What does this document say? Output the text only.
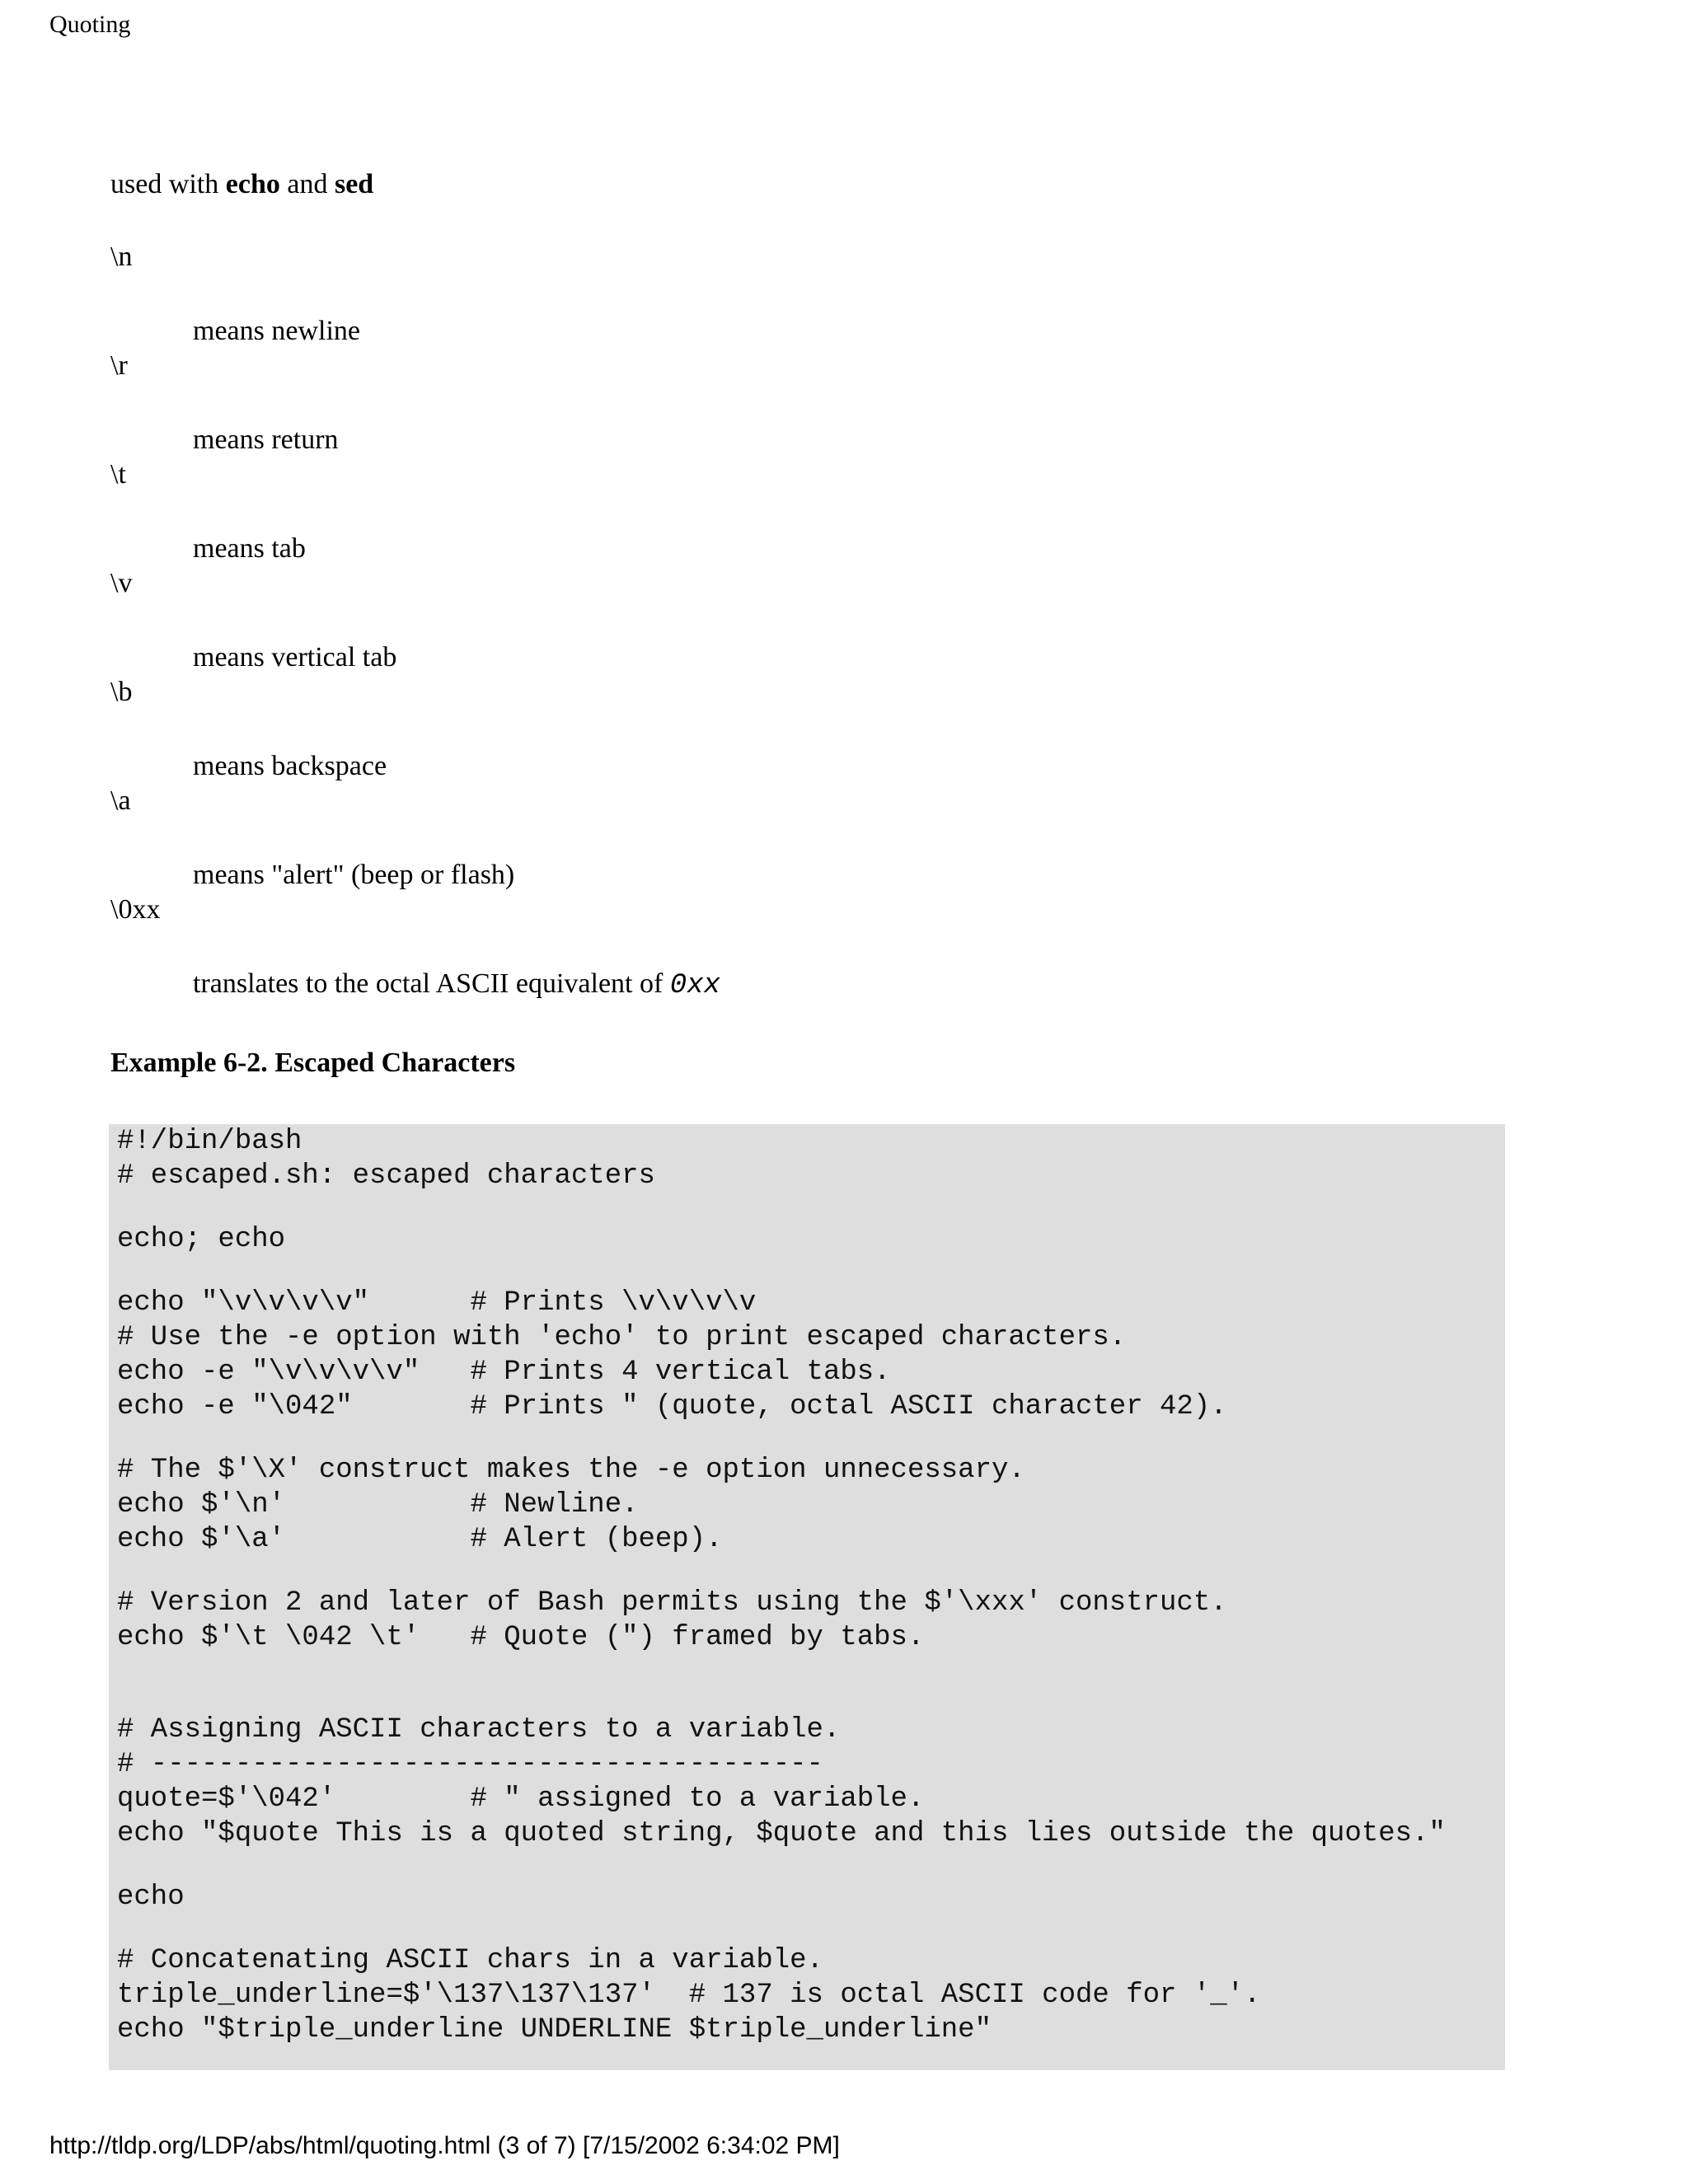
Quoting
used with echo and sed
\n
means newline
\r
means return
\t
means tab
\v
means vertical tab
\b
means backspace
\a
means "alert" (beep or flash)
\0xx
translates to the octal ASCII equivalent of 0xx
Example 6-2. Escaped Characters
#!/bin/bash
# escaped.sh: escaped characters
echo; echo
echo "\v\v\v\v"      # Prints \v\v\v\v
# Use the -e option with 'echo' to print escaped characters.
echo -e "\v\v\v\v"   # Prints 4 vertical tabs.
echo -e "\042"       # Prints " (quote, octal ASCII character 42).
# The $'\X' construct makes the -e option unnecessary.
echo $'\n'           # Newline.
echo $'\a'           # Alert (beep).
# Version 2 and later of Bash permits using the $'\xxx' construct.
echo $'\t \042 \t'   # Quote (") framed by tabs.
# Assigning ASCII characters to a variable.
# ----------------------------------------
quote=$'\042'        # " assigned to a variable.
echo "$quote This is a quoted string, $quote and this lies outside the quotes."
echo
# Concatenating ASCII chars in a variable.
triple_underline=$'\137\137\137'  # 137 is octal ASCII code for '_'.
echo "$triple_underline UNDERLINE $triple_underline"
http://tldp.org/LDP/abs/html/quoting.html (3 of 7) [7/15/2002 6:34:02 PM]
